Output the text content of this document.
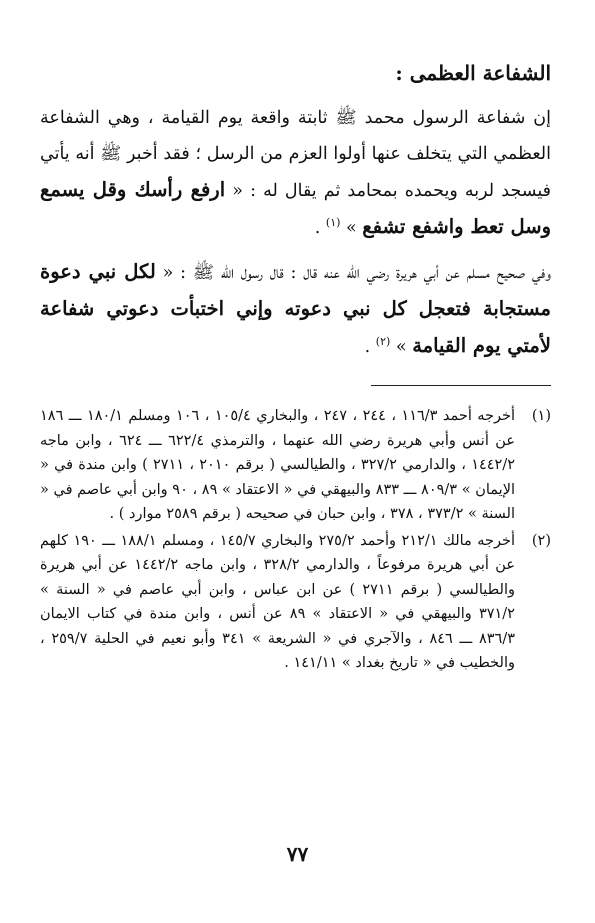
الشفاعة العظمى :

إن شفاعة الرسول محمد ﷺ ثابتة واقعة يوم القيامة ، وهي الشفاعة العظمي التي يتخلف عنها أولوا العزم من الرسل ؛ فقد أخبر ﷺ أنه يأتي فيسجد لربه ويحمده بمحامد ثم يقال له : « ارفع رأسك وقل يسمع وسل تعط واشفع تشفع » $^{(١)}$ .

وفي صحيح مسلم عن أبي هريرة رضي الله عنه قال : قال رسول الله ﷺ : « لكل نبي دعوة مستجابة فتعجل كل نبي دعوته وإني اختبأت دعوتي شفاعة لأمتي يوم القيامة » $^{(٢)}$ .

(١)
أخرجه أحمد ١١٦/٣ ، ٢٤٤ ، ٢٤٧ ، والبخاري ١٠٥/٤ ، ١٠٦ ومسلم ١٨٠/١ ـــ ١٨٦ عن أنس وأبي هريرة رضي الله عنهما ، والترمذي ٦٢٢/٤ ـــ ٦٢٤ ، وابن ماجه ١٤٤٢/٢ ، والدارمي ٣٢٧/٢ ، والطيالسي ( برقم ٢٠١٠ ، ٢٧١١ ) وابن مندة في « الإيمان » ٨٠٩/٣ ـــ ٨٣٣ والبيهقي في « الاعتقاد » ٨٩ ، ٩٠ وابن أبي عاصم في « السنة » ٣٧٣/٢ ، ٣٧٨ ، وابن حبان في صحيحه ( برقم ٢٥٨٩ موارد ) .
(٢)
أخرجه مالك ٢١٢/١ وأحمد ٢٧٥/٢ والبخاري ١٤٥/٧ ، ومسلم ١٨٨/١ ـــ ١٩٠ كلهم عن أبي هريرة مرفوعاً ، والدارمي ٣٢٨/٢ ، وابن ماجه ١٤٤٢/٢ عن أبي هريرة والطيالسي ( برقم ٢٧١١ ) عن ابن عباس ، وابن أبي عاصم في « السنة » ٣٧١/٢ والبيهقي في « الاعتقاد » ٨٩ عن أنس ، وابن مندة في كتاب الايمان ٨٣٦/٣ ـــ ٨٤٦ ، والآجري في « الشريعة » ٣٤١ وأبو نعيم في الحلية ٢٥٩/٧ ، والخطيب في « تاريخ بغداد » ١٤١/١١ .
٧٧
